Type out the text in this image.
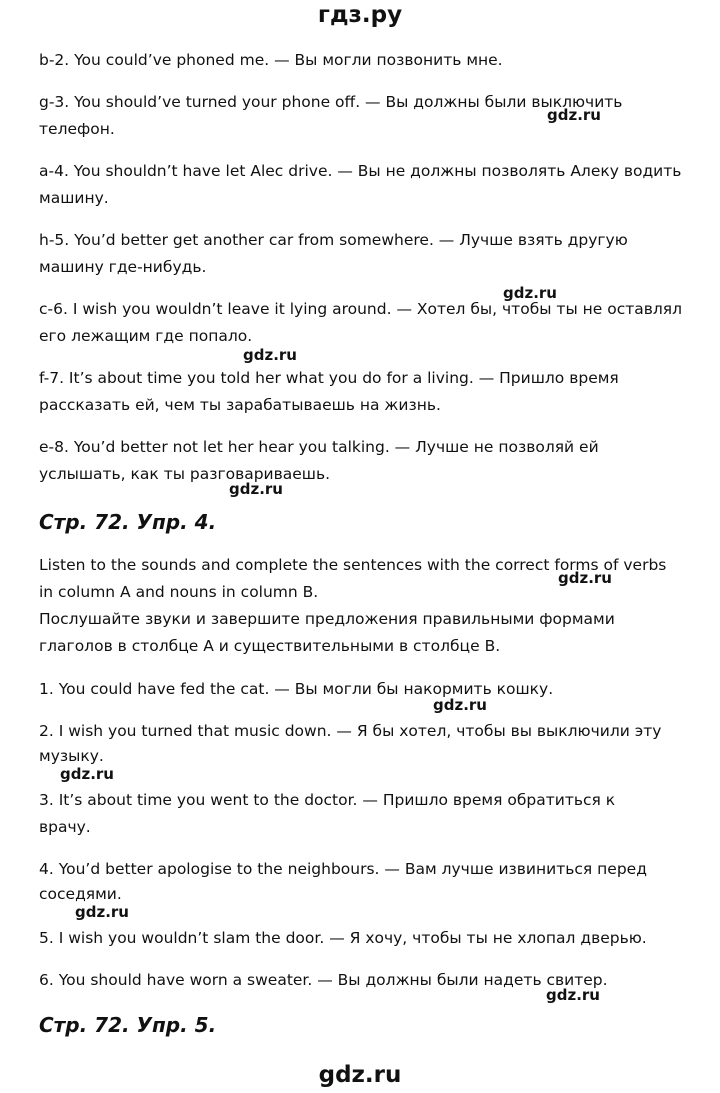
гдз.ру
b-2. You could’ve phoned me. — Вы могли позвонить мне.
g-3. You should’ve turned your phone off. — Вы должны были выключить
телефон.
a-4. You shouldn’t have let Alec drive. — Вы не должны позволять Алеку водить
машину.
h-5. You’d better get another car from somewhere. — Лучше взять другую
машину где-нибудь.
c-6. I wish you wouldn’t leave it lying around. — Хотел бы, чтобы ты не оставлял
его лежащим где попало.
f-7. It’s about time you told her what you do for a living. — Пришло время
рассказать ей, чем ты зарабатываешь на жизнь.
e-8. You’d better not let her hear you talking. — Лучше не позволяй ей
услышать, как ты разговариваешь.
Стр. 72. Упр. 4.
Listen to the sounds and complete the sentences with the correct forms of verbs
in column A and nouns in column B.
Послушайте звуки и завершите предложения правильными формами
глаголов в столбце A и существительными в столбце B.
1. You could have fed the cat. — Вы могли бы накормить кошку.
2. I wish you turned that music down. — Я бы хотел, чтобы вы выключили эту
музыку.
3. It’s about time you went to the doctor. — Пришло время обратиться к
врачу.
4. You’d better apologise to the neighbours. — Вам лучше извиниться перед
соседями.
5. I wish you wouldn’t slam the door. — Я хочу, чтобы ты не хлопал дверью.
6. You should have worn a sweater. — Вы должны были надеть свитер.
Стр. 72. Упр. 5.
gdz.ru
gdz.ru
gdz.ru
gdz.ru
gdz.ru
gdz.ru
gdz.ru
gdz.ru
gdz.ru
gdz.ru
